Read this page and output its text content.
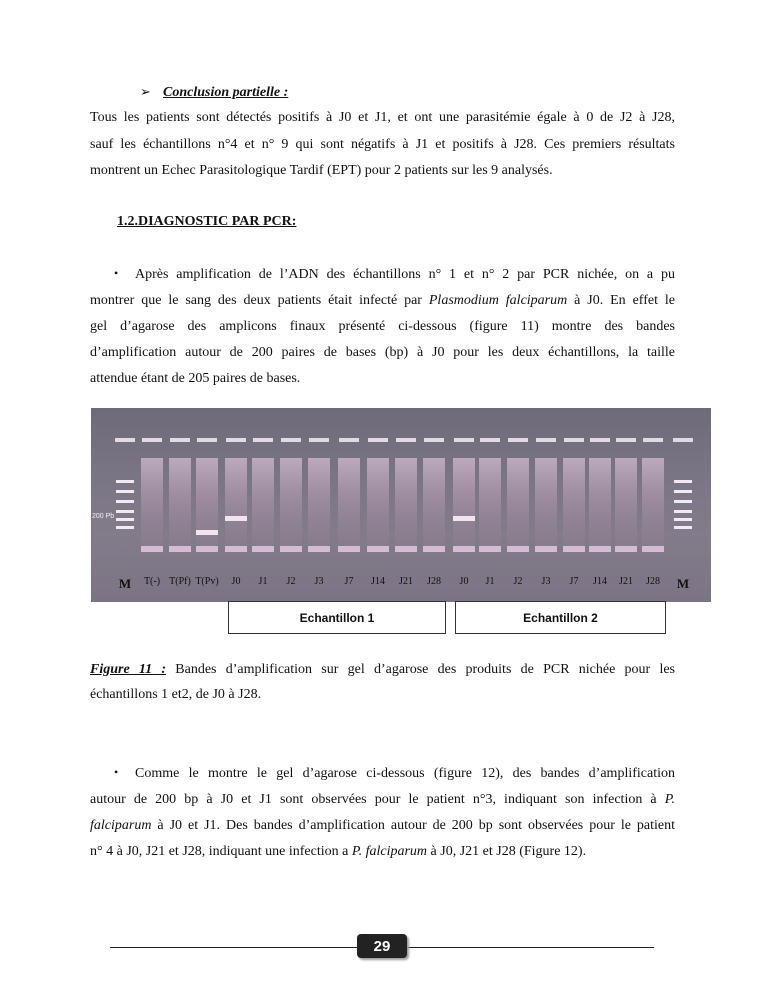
➢ Conclusion partielle :
Tous les patients sont détectés positifs à J0 et J1, et ont une parasitémie égale à 0 de J2 à J28,
sauf les échantillons n°4 et n° 9 qui sont négatifs à J1 et positifs à J28. Ces premiers résultats
montrent un Echec Parasitologique Tardif (EPT) pour 2 patients sur les 9 analysés.
1.2.DIAGNOSTIC PAR PCR:
• Après amplification de l’ADN des échantillons n° 1 et n° 2 par PCR nichée, on a pu
montrer que le sang des deux patients était infecté par Plasmodium falciparum à J0. En effet le
gel d’agarose des amplicons finaux présenté ci-dessous (figure 11) montre des bandes
d’amplification autour de 200 paires de bases (bp) à J0 pour les deux échantillons, la taille
attendue étant de 205 paires de bases.
200 Pb
M	T(-) T(Pf) T(Pv)	J0	J1	J2	J3	J7	J14	J21	J28	J0	J1	J2	J3	J7	J14	J21	J28	M
Echantillon 1	Echantillon 2
Figure 11 : Bandes d’amplification sur gel d’agarose des produits de PCR nichée pour les
échantillons 1 et2, de J0 à J28.
• Comme le montre le gel d’agarose ci-dessous (figure 12), des bandes d’amplification
autour de 200 bp à J0 et J1 sont observées pour le patient n°3, indiquant son infection à P.
falciparum à J0 et J1. Des bandes d’amplification autour de 200 bp sont observées pour le patient
n° 4 à J0, J21 et J28, indiquant une infection a P. falciparum à J0, J21 et J28 (Figure 12).
29
